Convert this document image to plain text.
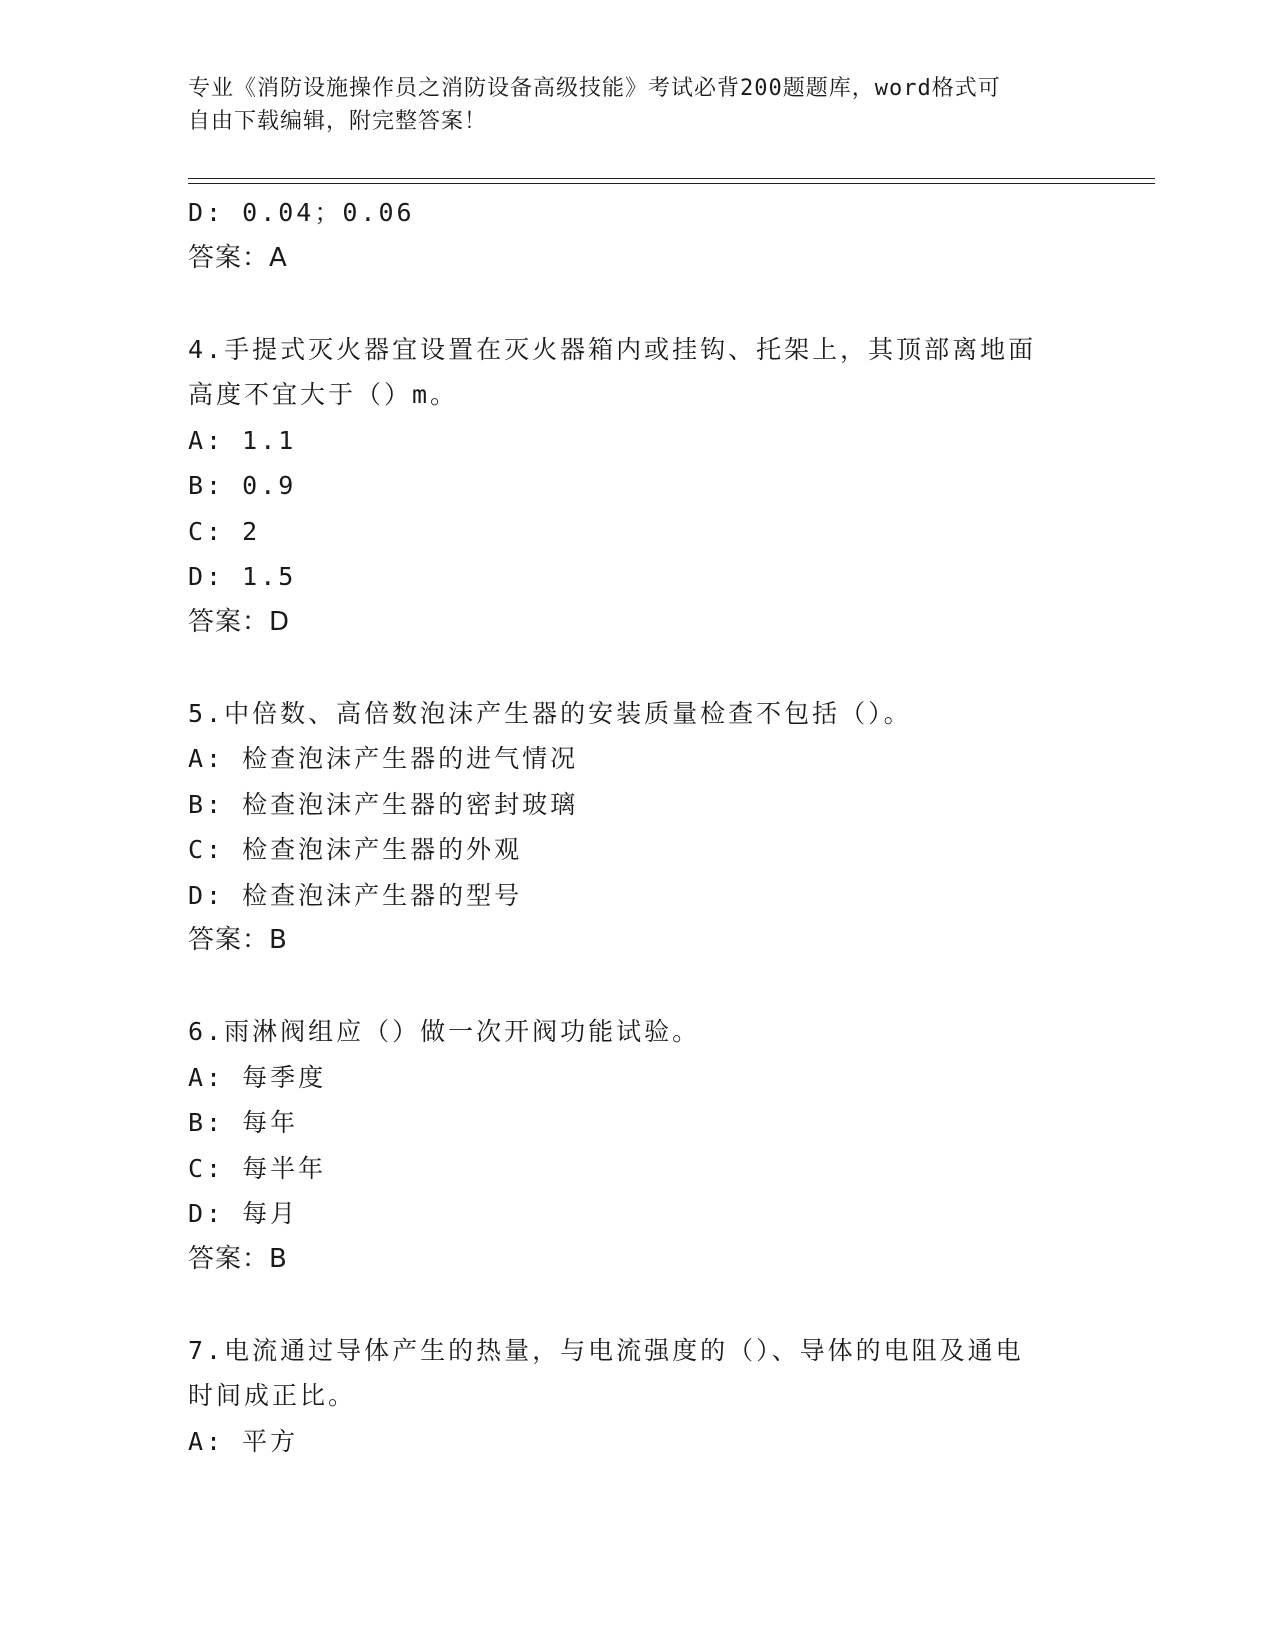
专业《消防设施操作员之消防设备高级技能》考试必背200题题库，word格式可
自由下载编辑，附完整答案！
D: 0.04；0.06
答案：A
4.手提式灭火器宜设置在灭火器箱内或挂钩、托架上，其顶部离地面
高度不宜大于（）m。
A: 1.1
B: 0.9
C: 2
D: 1.5
答案：D
5.中倍数、高倍数泡沫产生器的安装质量检查不包括（）。
A: 检查泡沫产生器的进气情况
B: 检查泡沫产生器的密封玻璃
C: 检查泡沫产生器的外观
D: 检查泡沫产生器的型号
答案：B
6.雨淋阀组应（）做一次开阀功能试验。
A: 每季度
B: 每年
C: 每半年
D: 每月
答案：B
7.电流通过导体产生的热量，与电流强度的（）、导体的电阻及通电
时间成正比。
A: 平方
